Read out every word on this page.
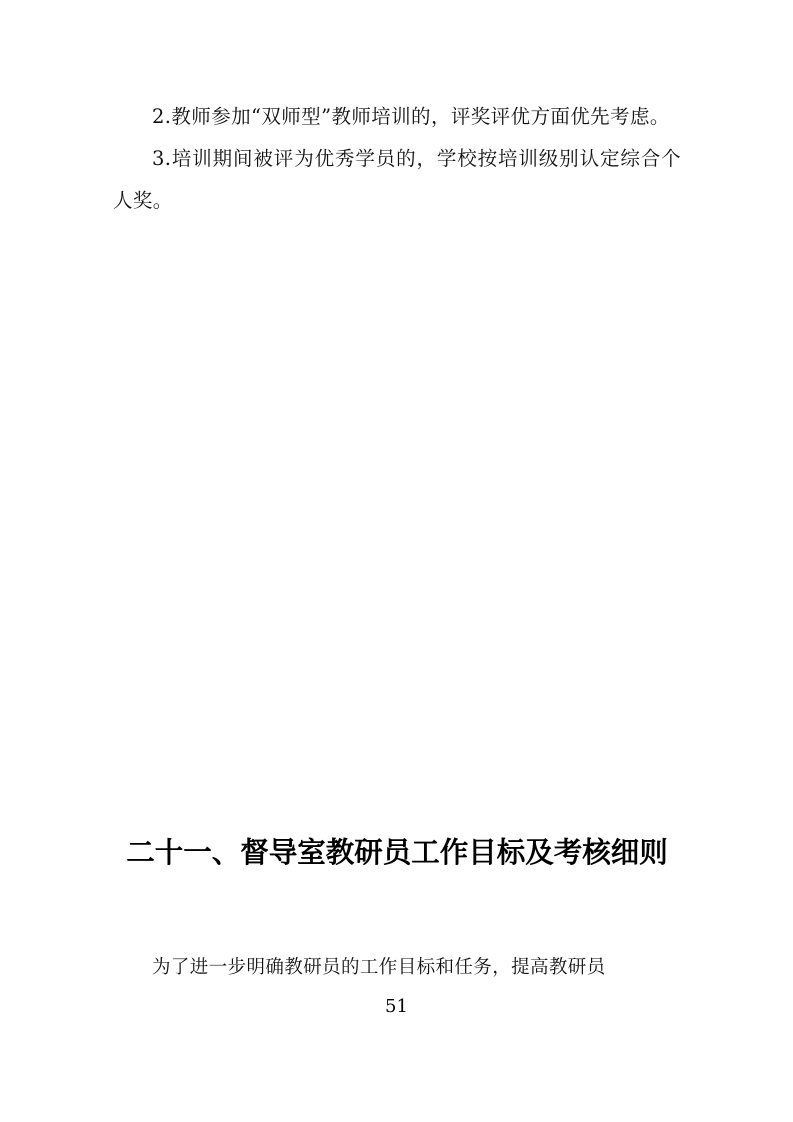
2.教师参加“双师型”教师培训的，评奖评优方面优先考虑。

3.培训期间被评为优秀学员的，学校按培训级别认定综合个人奖。

二十一、督导室教研员工作目标及考核细则

为了进一步明确教研员的工作目标和任务，提高教研员

51
